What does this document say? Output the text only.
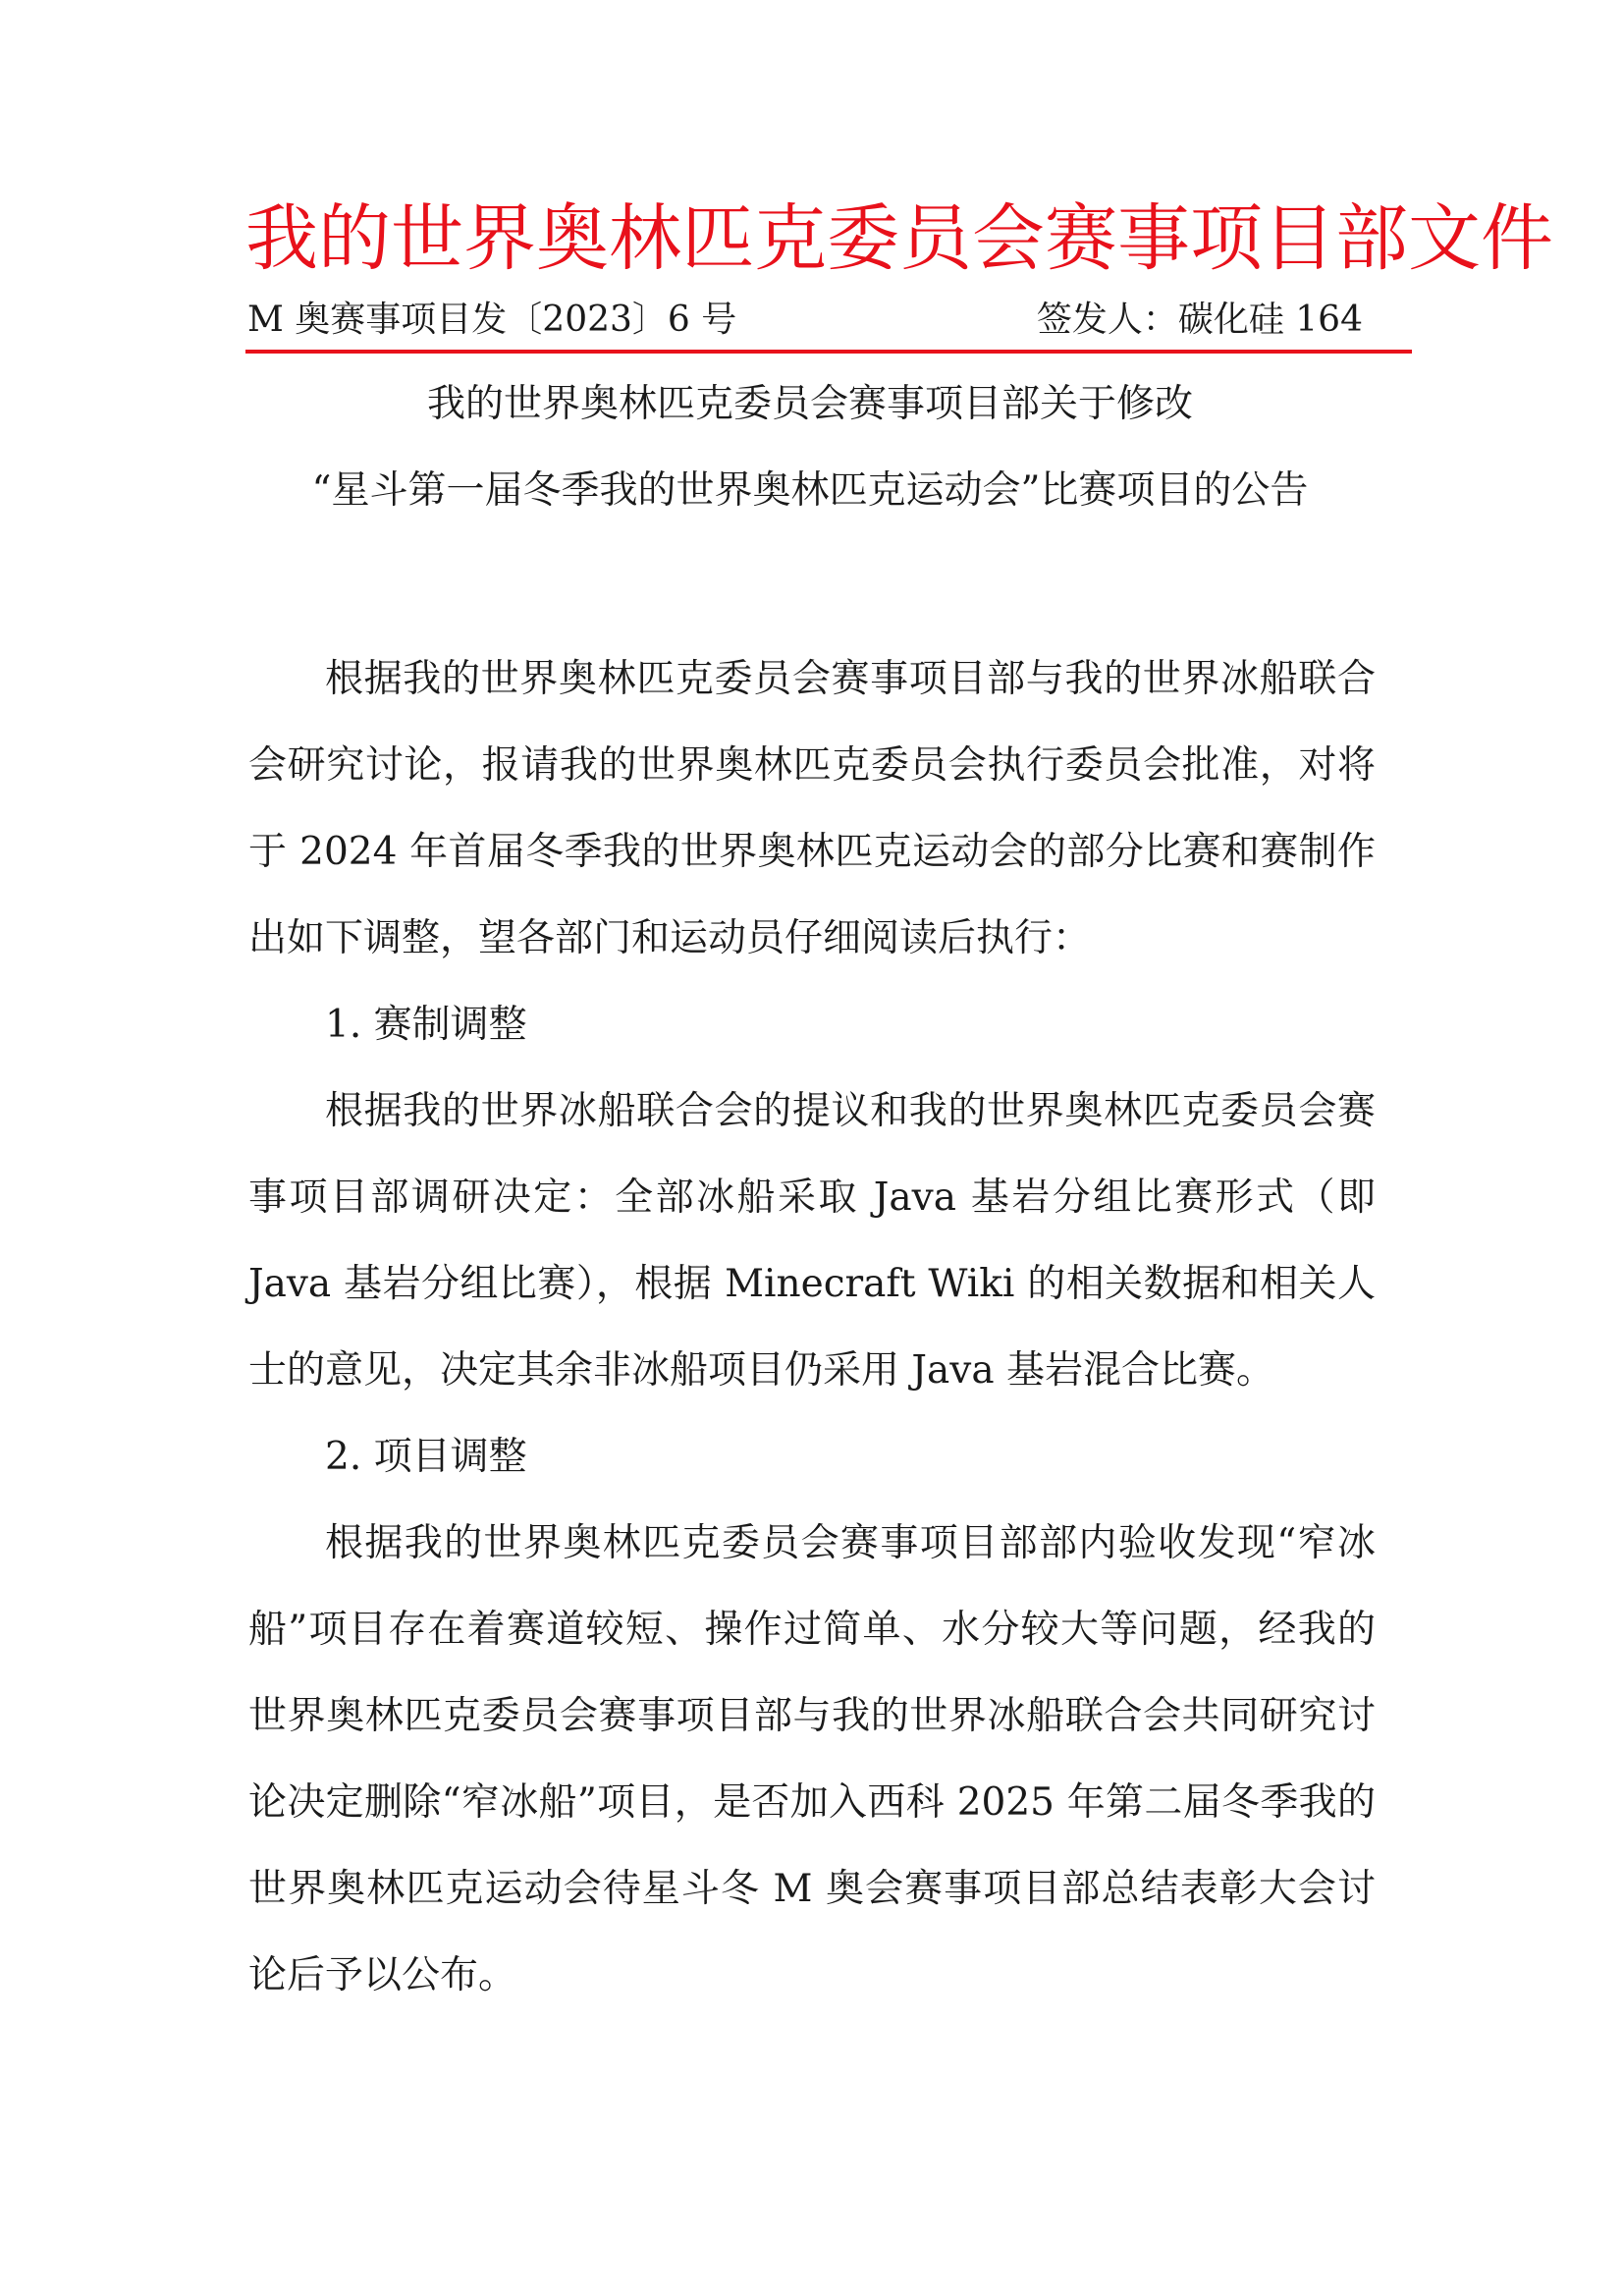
我的世界奥林匹克委员会赛事项目部文件
M 奥赛事项目发〔2023〕6 号	签发人：碳化硅 164
我的世界奥林匹克委员会赛事项目部关于修改
“星斗第一届冬季我的世界奥林匹克运动会”比赛项目的公告

根据我的世界奥林匹克委员会赛事项目部与我的世界冰船联合会研究讨论，报请我的世界奥林匹克委员会执行委员会批准，对将于 2024 年首届冬季我的世界奥林匹克运动会的部分比赛和赛制作出如下调整，望各部门和运动员仔细阅读后执行：

1. 赛制调整

根据我的世界冰船联合会的提议和我的世界奥林匹克委员会赛事项目部调研决定：全部冰船采取 Java 基岩分组比赛形式（即 Java 基岩分组比赛），根据 Minecraft Wiki 的相关数据和相关人士的意见，决定其余非冰船项目仍采用 Java 基岩混合比赛。

2. 项目调整

根据我的世界奥林匹克委员会赛事项目部部内验收发现“窄冰船”项目存在着赛道较短、操作过简单、水分较大等问题，经我的世界奥林匹克委员会赛事项目部与我的世界冰船联合会共同研究讨论决定删除“窄冰船”项目，是否加入西科 2025 年第二届冬季我的世界奥林匹克运动会待星斗冬 M 奥会赛事项目部总结表彰大会讨论后予以公布。
